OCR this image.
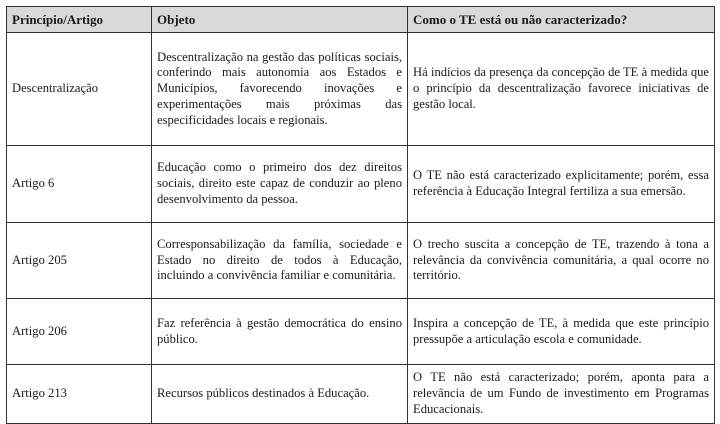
Princípio/Artigo	Objeto	Como o TE está ou não caracterizado?
Descentralização	Descentralização na gestão das políticas sociais, conferindo mais autonomia aos Estados e Municípios, favorecendo inovações e experimentações mais próximas das especificidades locais e regionais.	Há indícios da presença da concepção de TE à medida que o princípio da descentralização favorece iniciativas de gestão local.
Artigo 6	Educação como o primeiro dos dez direitos sociais, direito este capaz de conduzir ao pleno desenvolvimento da pessoa.	O TE não está caracterizado explicitamente; porém, essa referência à Educação Integral fertiliza a sua emersão.
Artigo 205	Corresponsabilização da família, sociedade e Estado no direito de todos à Educação, incluindo a convivência familiar e comunitária.	O trecho suscita a concepção de TE, trazendo à tona a relevância da convivência comunitária, a qual ocorre no território.
Artigo 206	Faz referência à gestão democrática do ensino público.	Inspira a concepção de TE, à medida que este princípio pressupõe a articulação escola e comunidade.
Artigo 213	Recursos públicos destinados à Educação.	O TE não está caracterizado; porém, aponta para a relevância de um Fundo de investimento em Programas Educacionais.
